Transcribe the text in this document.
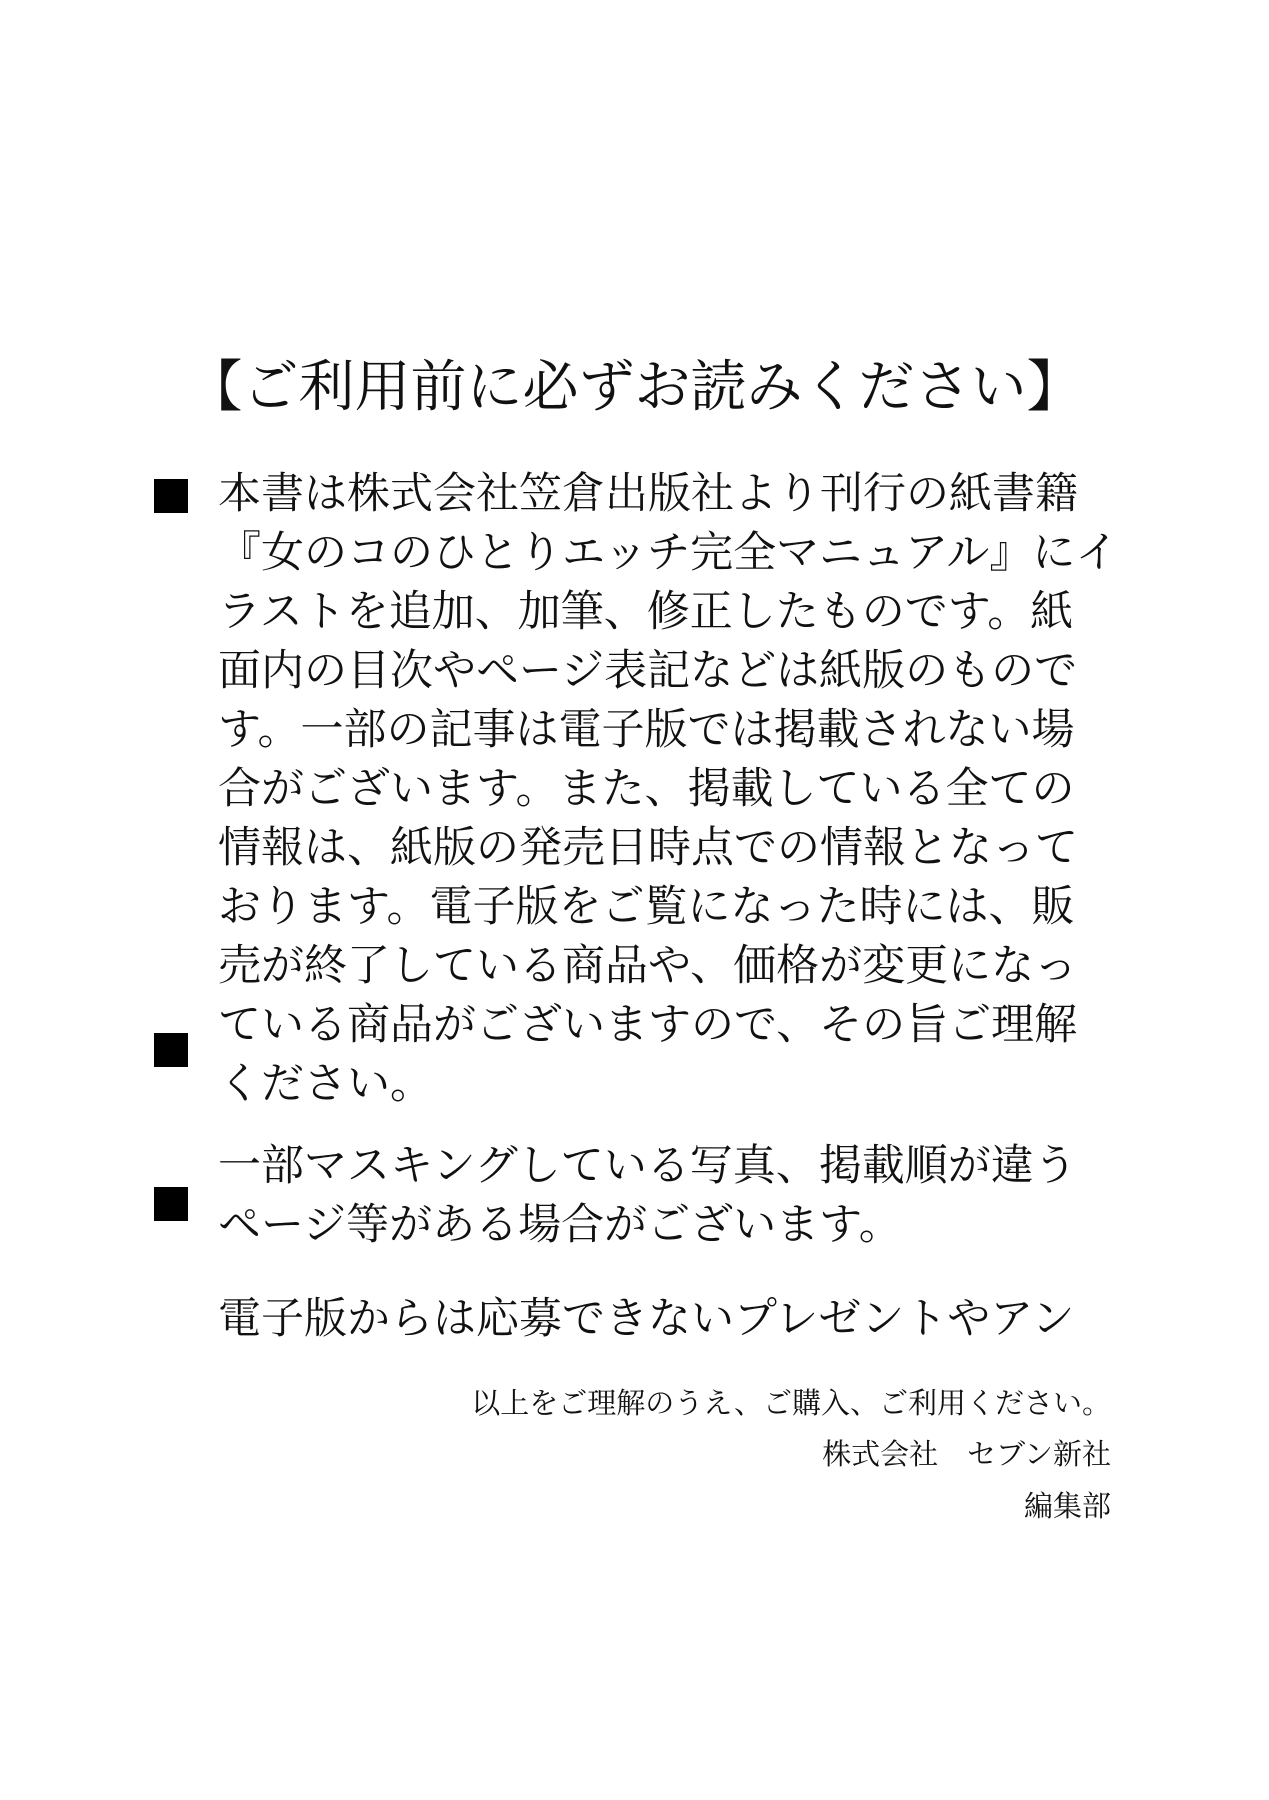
【ご利用前に必ずお読みください】
本書は株式会社笠倉出版社より刊行の紙書籍
『女のコのひとりエッチ完全マニュアル』にイ
ラストを追加、加筆、修正したものです。紙
面内の目次やページ表記などは紙版のもので
す。一部の記事は電子版では掲載されない場
合がございます。また、掲載している全ての
情報は、紙版の発売日時点での情報となって
おります。電子版をご覧になった時には、販
売が終了している商品や、価格が変更になっ
ている商品がございますので、その旨ご理解
ください。
一部マスキングしている写真、掲載順が違う
ページ等がある場合がございます。
電子版からは応募できないプレゼントやアン
以上をご理解のうえ、ご購入、ご利用ください。
株式会社　セブン新社
編集部
